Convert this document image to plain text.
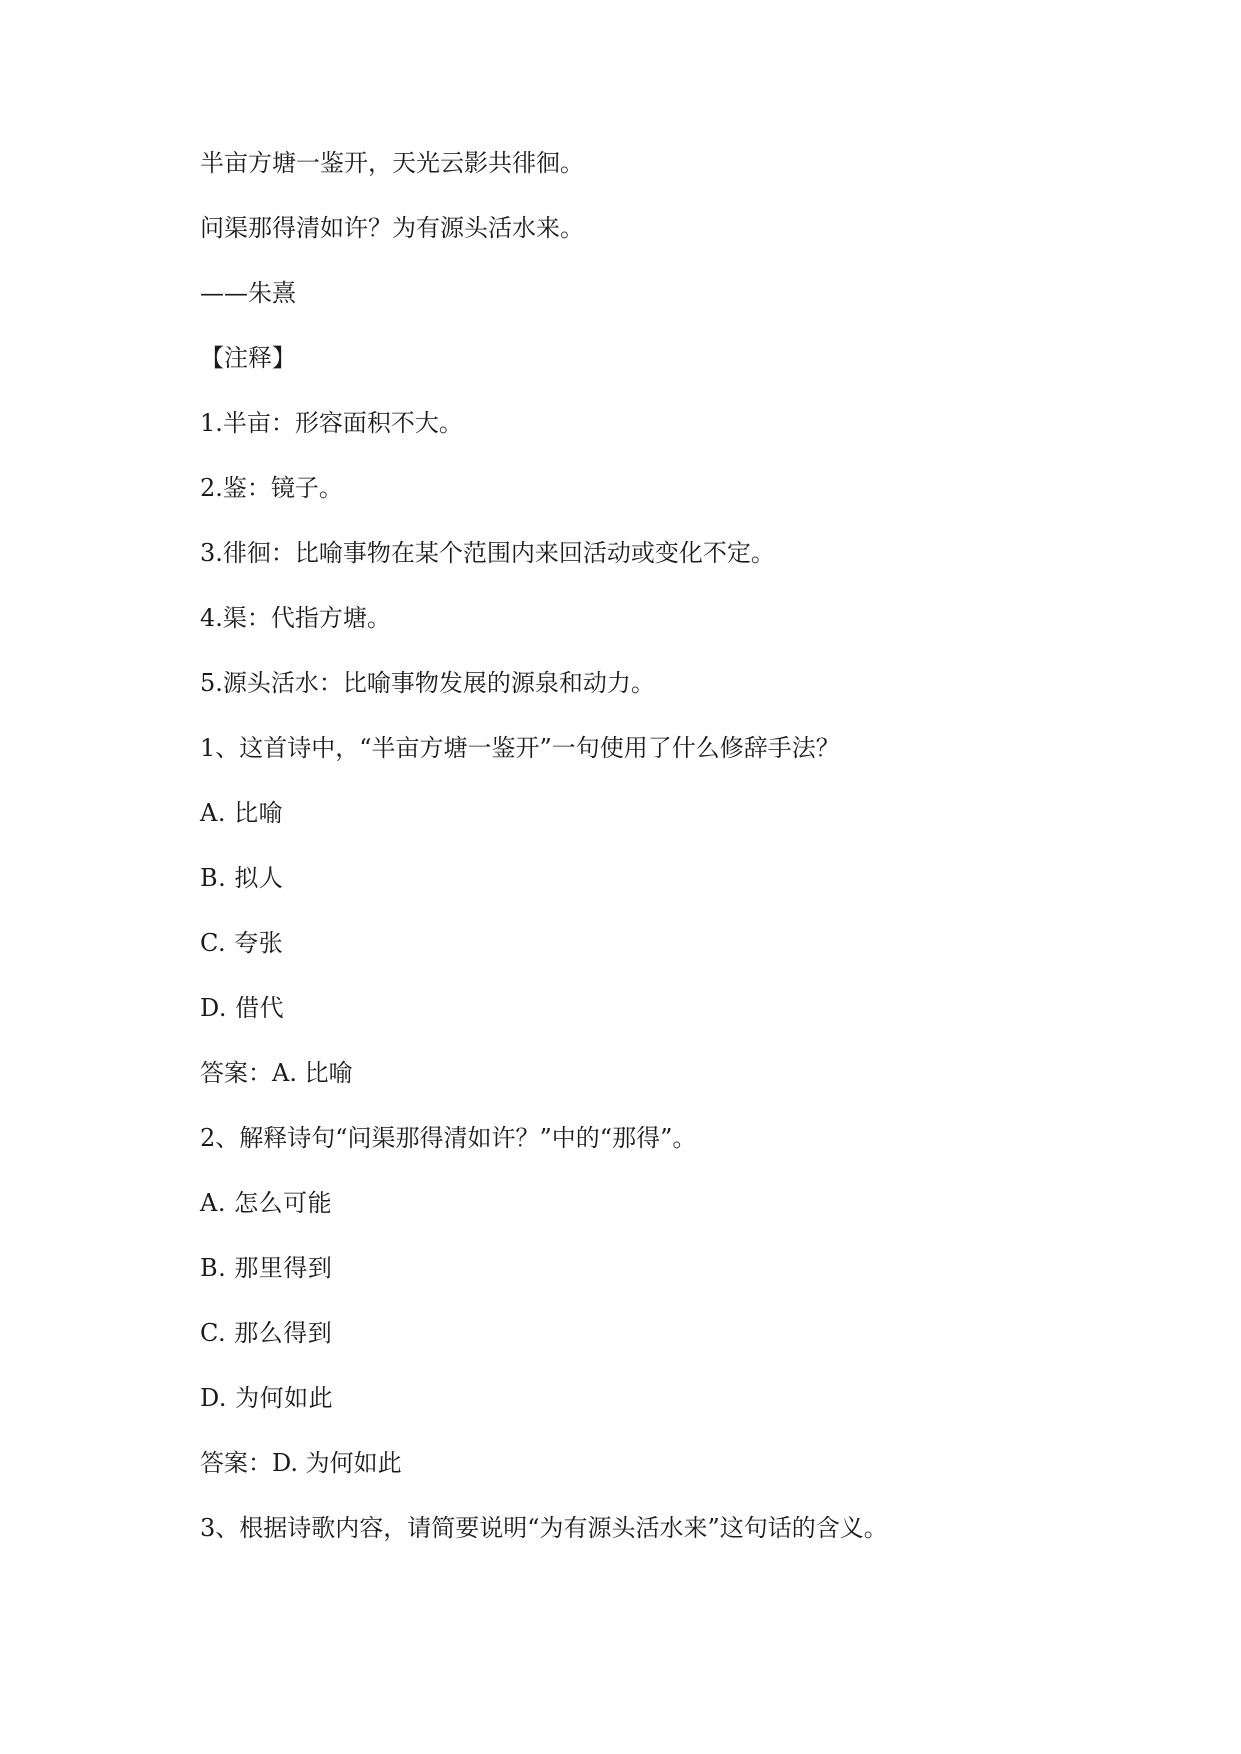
半亩方塘一鉴开，天光云影共徘徊。

问渠那得清如许？为有源头活水来。

——朱熹

【注释】

1.半亩：形容面积不大。

2.鉴：镜子。

3.徘徊：比喻事物在某个范围内来回活动或变化不定。

4.渠：代指方塘。

5.源头活水：比喻事物发展的源泉和动力。

1、这首诗中，“半亩方塘一鉴开”一句使用了什么修辞手法？

A. 比喻

B. 拟人

C. 夸张

D. 借代

答案：A. 比喻

2、解释诗句“问渠那得清如许？”中的“那得”。

A. 怎么可能

B. 那里得到

C. 那么得到

D. 为何如此

答案：D. 为何如此

3、根据诗歌内容，请简要说明“为有源头活水来”这句话的含义。
